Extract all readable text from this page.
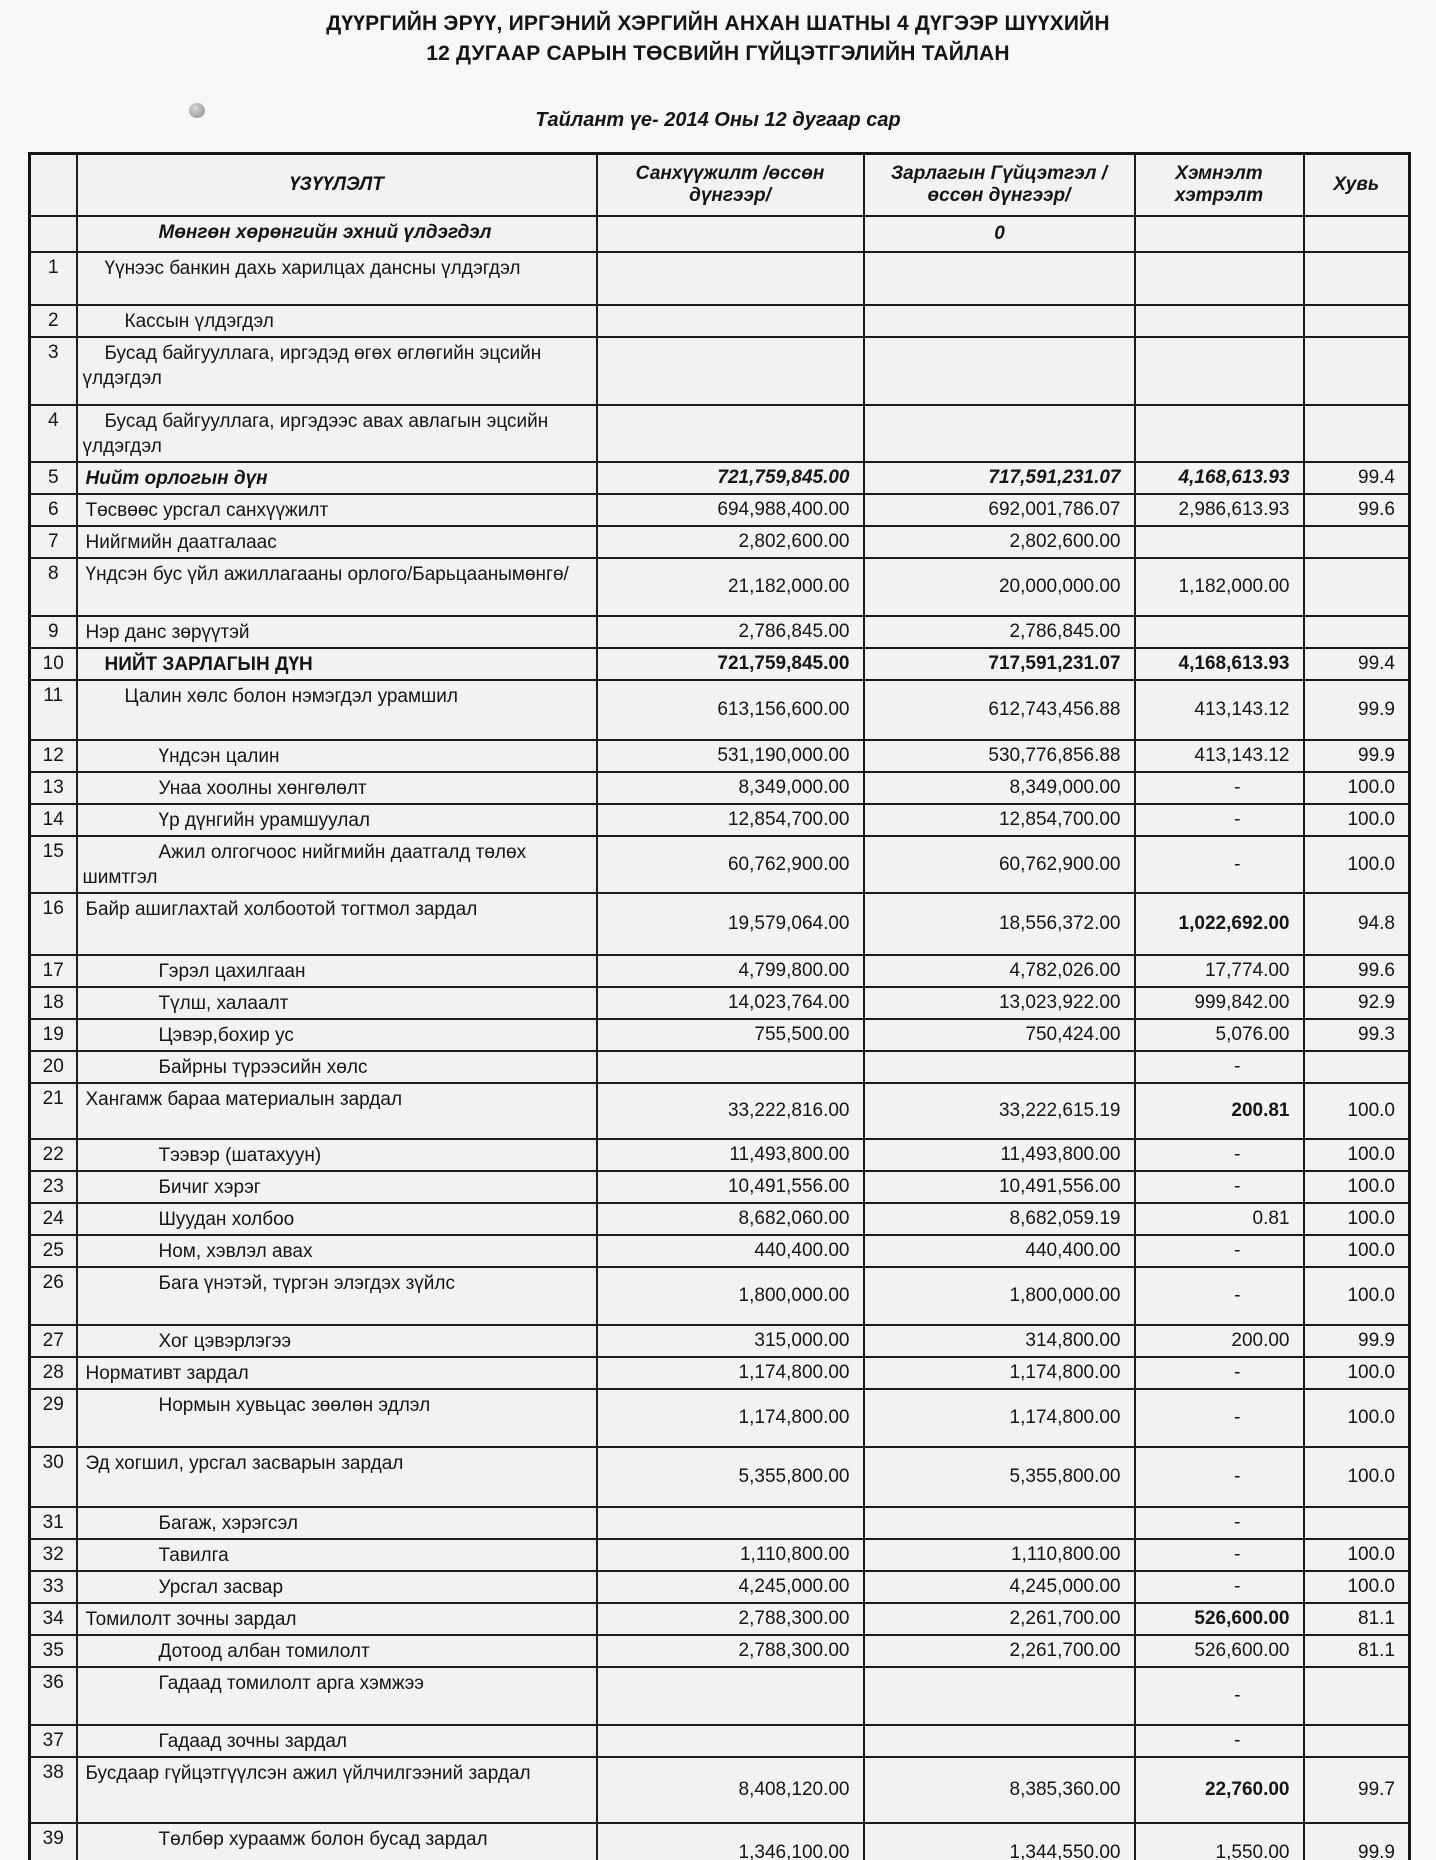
ДҮҮРГИЙН ЭРҮҮ, ИРГЭНИЙ ХЭРГИЙН АНХАН ШАТНЫ 4 ДҮГЭЭР ШҮҮХИЙН
12 ДУГААР САРЫН ТӨСВИЙН ГҮЙЦЭТГЭЛИЙН ТАЙЛАН
Тайлант үе- 2014 Оны 12 дугаар сар
	ҮЗҮҮЛЭЛТ	Санхүүжилт /өссөн дүнгээр/	Зарлагын Гүйцэтгэл /өссөн дүнгээр/	Хэмнэлт хэтрэлт	Хувь
	Мөнгөн хөрөнгийн эхний үлдэгдэл		0		
1	Үүнээс банкин дахь харилцах дансны үлдэгдэл				
2	Кассын үлдэгдэл				
3	Бусад байгууллага, иргэдэд өгөх өглөгийн эцсийн үлдэгдэл				
4	Бусад байгууллага, иргэдээс авах авлагын эцсийн үлдэгдэл				
5	Нийт орлогын дүн	721,759,845.00	717,591,231.07	4,168,613.93	99.4
6	Төсвөөс урсгал санхүүжилт	694,988,400.00	692,001,786.07	2,986,613.93	99.6
7	Нийгмийн даатгалаас	2,802,600.00	2,802,600.00		
8	Үндсэн бус үйл ажиллагааны орлого/Барьцаанымөнгө/	21,182,000.00	20,000,000.00	1,182,000.00	
9	Нэр данс зөрүүтэй	2,786,845.00	2,786,845.00		
10	НИЙТ ЗАРЛАГЫН ДҮН	721,759,845.00	717,591,231.07	4,168,613.93	99.4
11	Цалин хөлс болон нэмэгдэл урамшил	613,156,600.00	612,743,456.88	413,143.12	99.9
12	Үндсэн цалин	531,190,000.00	530,776,856.88	413,143.12	99.9
13	Унаа хоолны хөнгөлөлт	8,349,000.00	8,349,000.00	-	100.0
14	Үр дүнгийн урамшуулал	12,854,700.00	12,854,700.00	-	100.0
15	Ажил олгогчоос нийгмийн даатгалд төлөх шимтгэл	60,762,900.00	60,762,900.00	-	100.0
16	Байр ашиглахтай холбоотой тогтмол зардал	19,579,064.00	18,556,372.00	1,022,692.00	94.8
17	Гэрэл цахилгаан	4,799,800.00	4,782,026.00	17,774.00	99.6
18	Түлш, халаалт	14,023,764.00	13,023,922.00	999,842.00	92.9
19	Цэвэр,бохир ус	755,500.00	750,424.00	5,076.00	99.3
20	Байрны түрээсийн хөлс			-	
21	Хангамж бараа материалын зардал	33,222,816.00	33,222,615.19	200.81	100.0
22	Тээвэр (шатахуун)	11,493,800.00	11,493,800.00	-	100.0
23	Бичиг хэрэг	10,491,556.00	10,491,556.00	-	100.0
24	Шуудан холбоо	8,682,060.00	8,682,059.19	0.81	100.0
25	Ном, хэвлэл авах	440,400.00	440,400.00	-	100.0
26	Бага үнэтэй, түргэн элэгдэх зүйлс	1,800,000.00	1,800,000.00	-	100.0
27	Хог цэвэрлэгээ	315,000.00	314,800.00	200.00	99.9
28	Нормативт зардал	1,174,800.00	1,174,800.00	-	100.0
29	Нормын хувьцас зөөлөн эдлэл	1,174,800.00	1,174,800.00	-	100.0
30	Эд хогшил, урсгал засварын зардал	5,355,800.00	5,355,800.00	-	100.0
31	Багаж, хэрэгсэл			-	
32	Тавилга	1,110,800.00	1,110,800.00	-	100.0
33	Урсгал засвар	4,245,000.00	4,245,000.00	-	100.0
34	Томилолт зочны зардал	2,788,300.00	2,261,700.00	526,600.00	81.1
35	Дотоод албан томилолт	2,788,300.00	2,261,700.00	526,600.00	81.1
36	Гадаад томилолт арга хэмжээ			-	
37	Гадаад зочны зардал			-	
38	Бусдаар гүйцэтгүүлсэн ажил үйлчилгээний зардал	8,408,120.00	8,385,360.00	22,760.00	99.7
39	Төлбөр хураамж болон бусад зардал	1,346,100.00	1,344,550.00	1,550.00	99.9
